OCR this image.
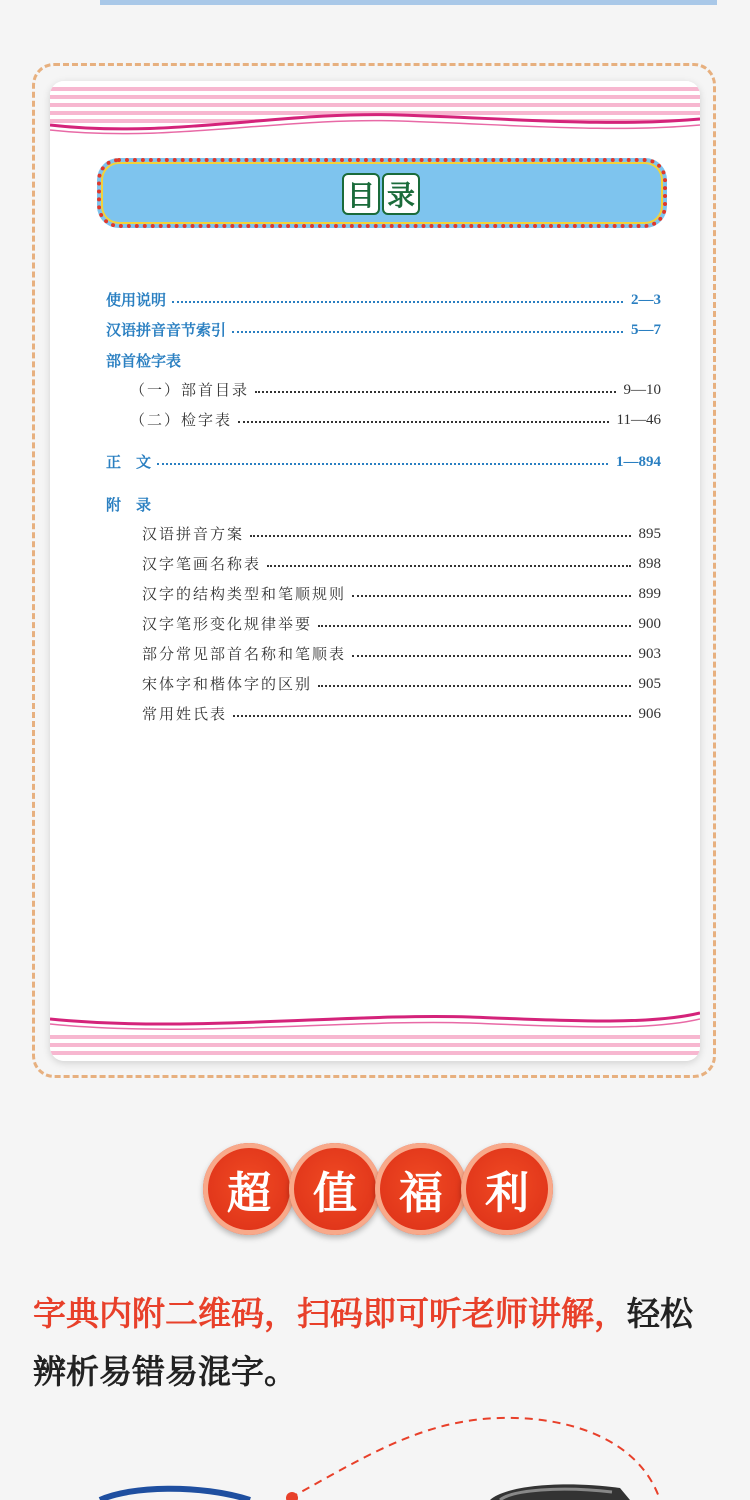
目 录
使用说明	2—3
汉语拼音音节索引	5—7
部首检字表
（一）部首目录	9—10
（二）检字表	11—46
正　文	1—894
附　录
汉语拼音方案	895
汉字笔画名称表	898
汉字的结构类型和笔顺规则	899
汉字笔形变化规律举要	900
部分常见部首名称和笔顺表	903
宋体字和楷体字的区别	905
常用姓氏表	906
超 值 福 利
字典内附二维码，扫码即可听老师讲解，轻松
辨析易错易混字。
